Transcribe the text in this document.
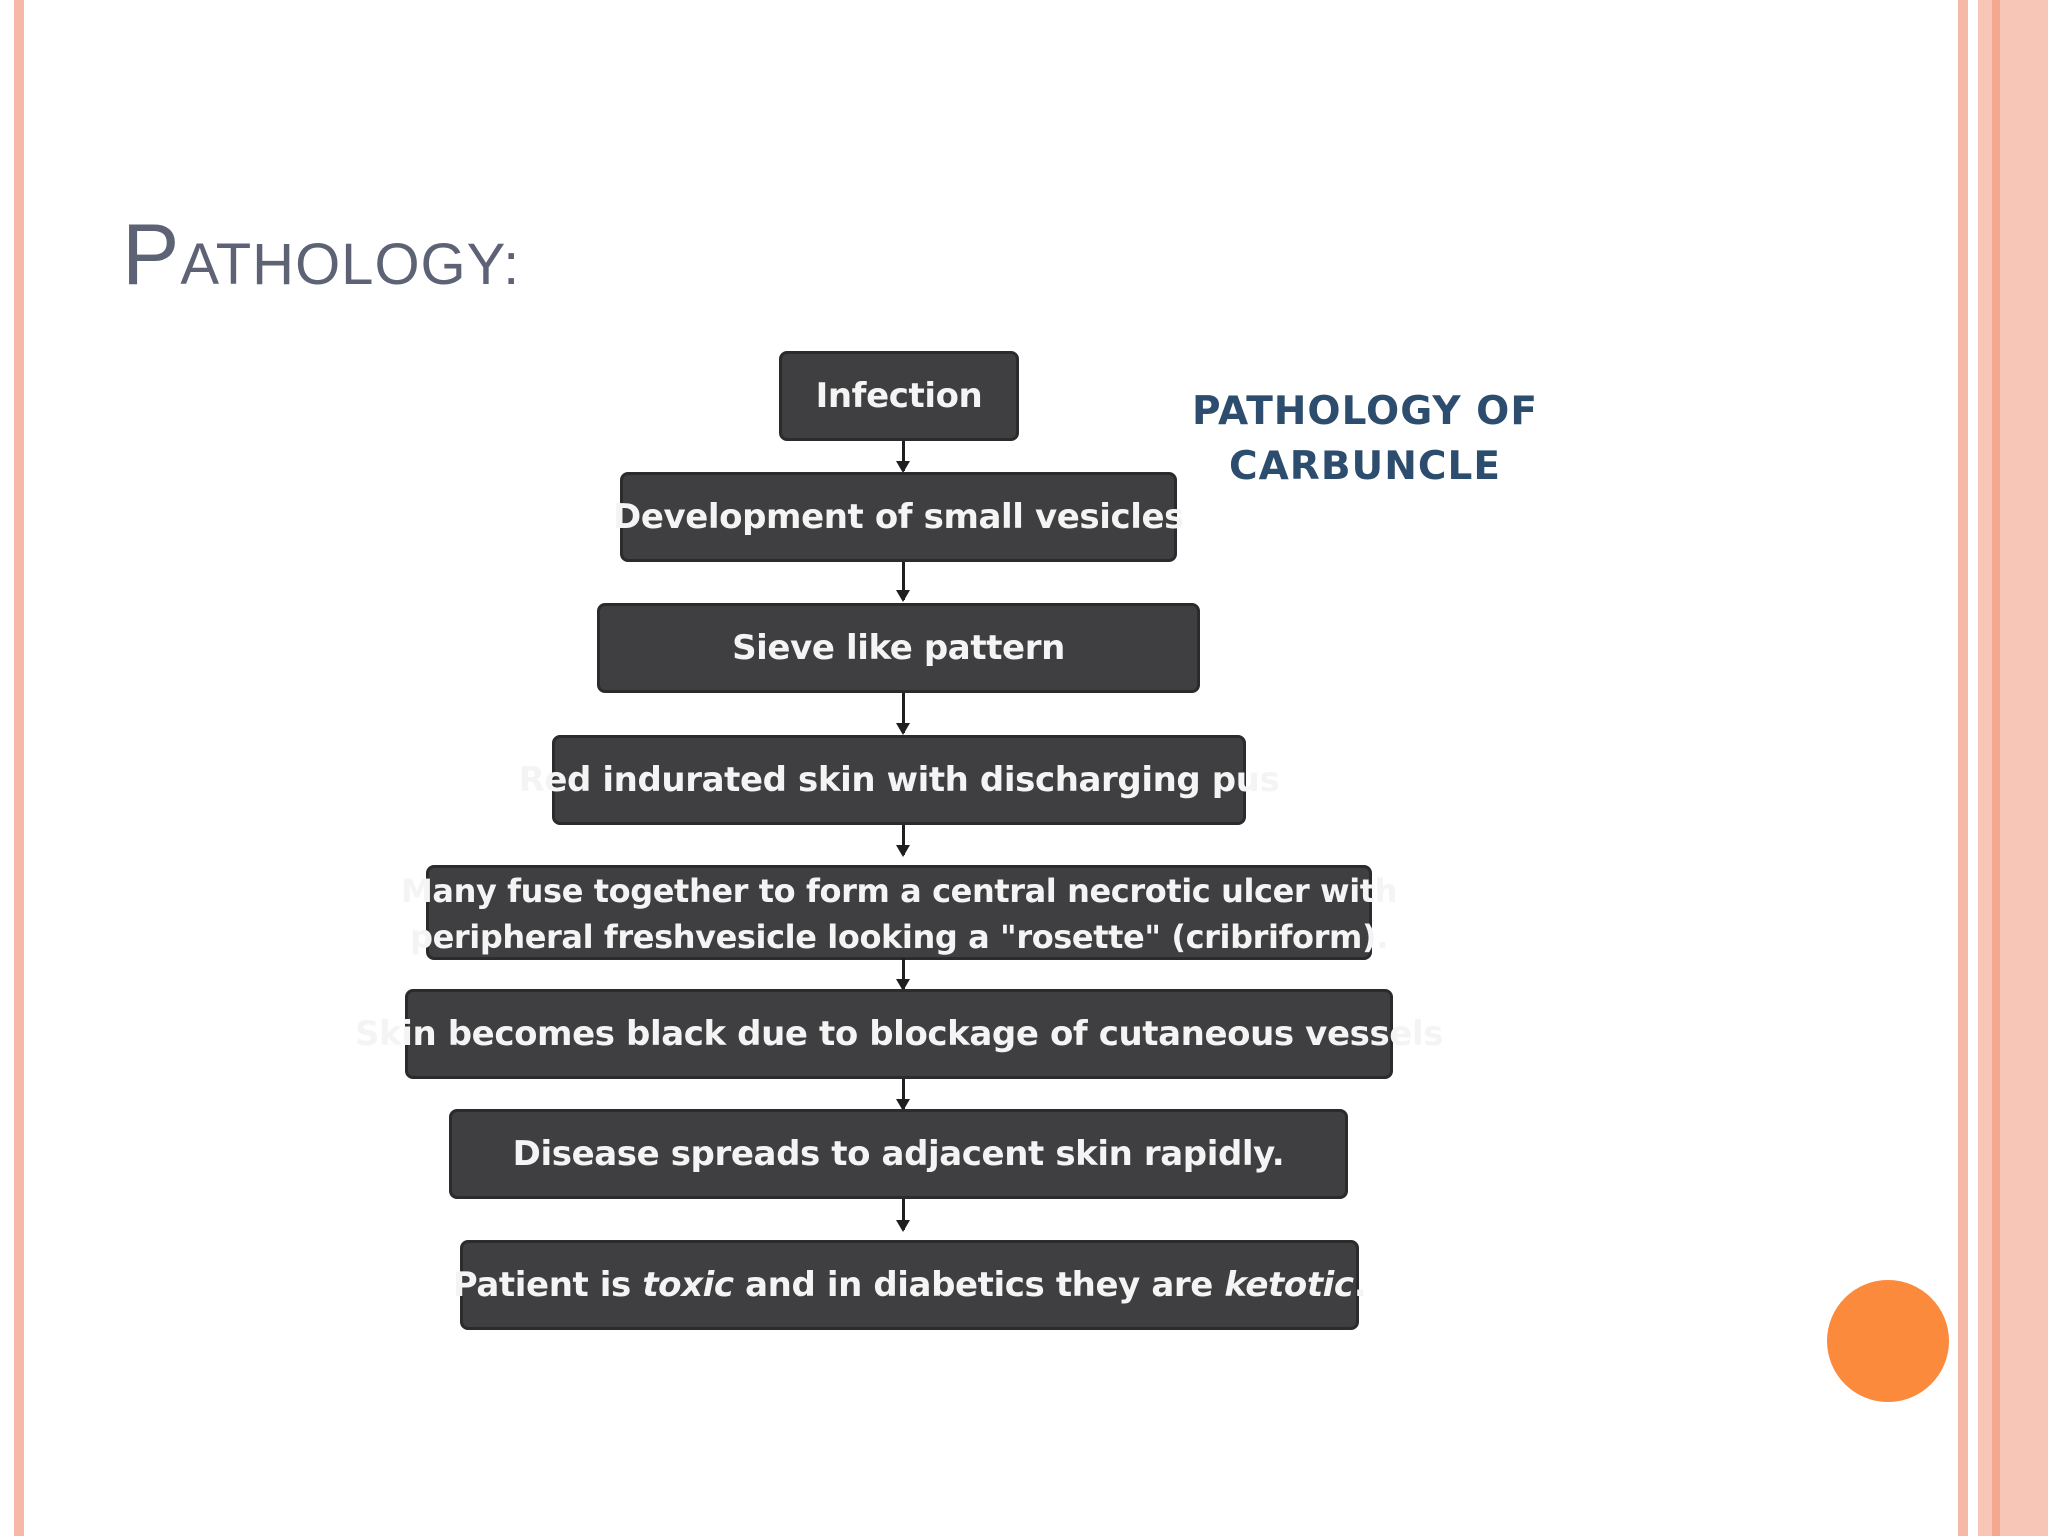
PATHOLOGY:
PATHOLOGY OF
CARBUNCLE
Infection
Development of small vesicles
Sieve like pattern
Red indurated skin with discharging pus
Many fuse together to form a central necrotic ulcer with
peripheral freshvesicle looking a "rosette" (cribriform).
Skin becomes black due to blockage of cutaneous vessels
Disease spreads to adjacent skin rapidly.
Patient is toxic and in diabetics they are ketotic .
